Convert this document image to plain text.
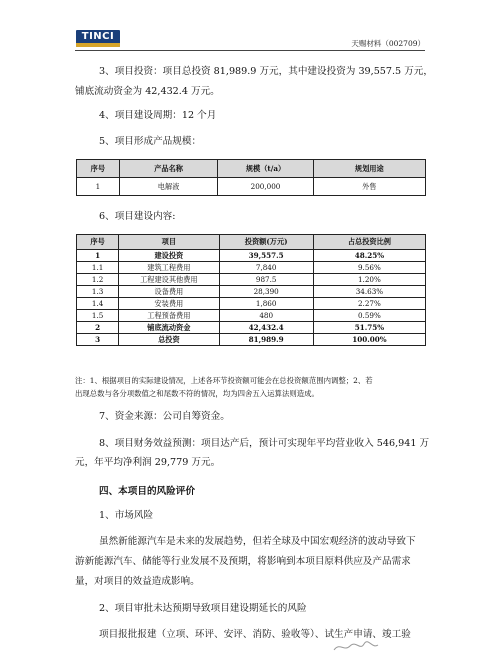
TINCI
天赐材料（002709）
3、项目投资：项目总投资 81,989.9 万元，其中建设投资为 39,557.5 万元，
铺底流动资金为 42,432.4 万元。
4、项目建设周期：12 个月
5、项目形成产品规模：
序号	产品名称	规模（t/a）	规划用途
1	电解液	200,000	外售
6、项目建设内容:
序号	项目	投资额(万元)	占总投资比例
1	建设投资	39,557.5	48.25%
1.1	建筑工程费用	7,840	9.56%
1.2	工程建设其他费用	987.5	1.20%
1.3	设备费用	28,390	34.63%
1.4	安装费用	1,860	2.27%
1.5	工程预备费用	480	0.59%
2	铺底流动资金	42,432.4	51.75%
3	总投资	81,989.9	100.00%
注：1、根据项目的实际建设情况，上述各环节投资额可能会在总投资额范围内调整；2、若
出现总数与各分项数值之和尾数不符的情况，均为四舍五入运算法则造成。
7、资金来源：公司自筹资金。
8、项目财务效益预测：项目达产后，预计可实现年平均营业收入 546,941 万
元，年平均净利润 29,779 万元。
四、本项目的风险评价
1、市场风险
虽然新能源汽车是未来的发展趋势，但若全球及中国宏观经济的波动导致下
游新能源汽车、储能等行业发展不及预期，将影响到本项目原料供应及产品需求
量，对项目的效益造成影响。
2、项目审批未达预期导致项目建设期延长的风险
项目报批报建（立项、环评、安评、消防、验收等）、试生产申请、竣工验
